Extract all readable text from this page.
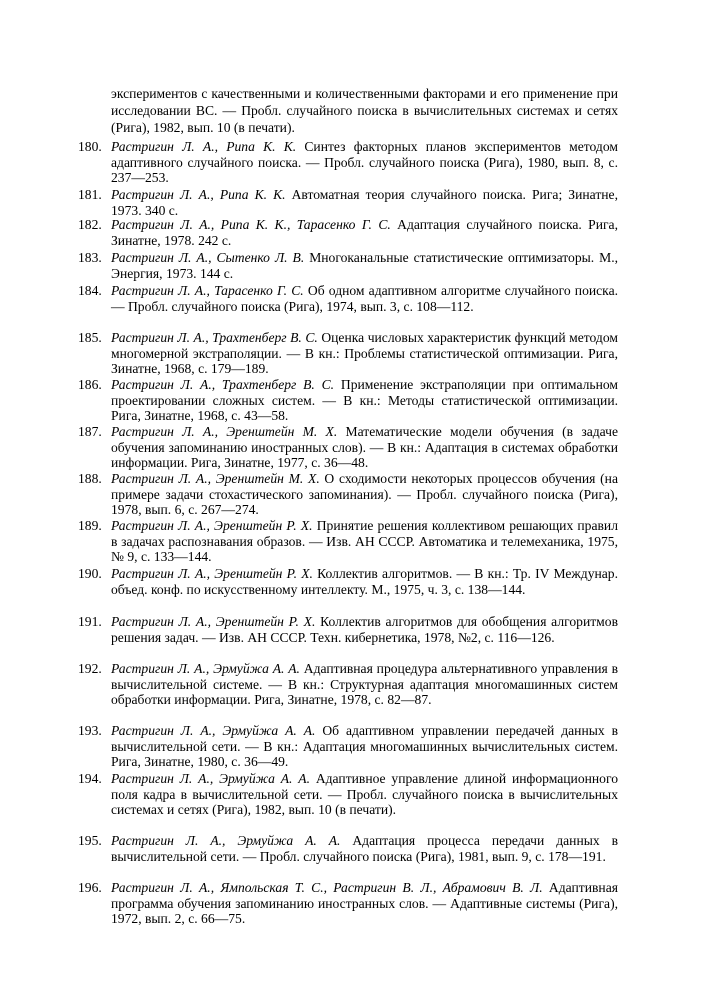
экспериментов с качественными и количественными факторами и его применение при исследовании ВС. — Пробл. случайного поиска в вычислительных системах и сетях (Рига), 1982, вып. 10 (в печати).
180. Растригин Л. А., Рипа К. К. Синтез факторных планов экспериментов методом адаптивного случайного поиска. — Пробл. случайного поиска (Рига), 1980, вып. 8, с. 237—253.
181. Растригин Л. А., Рипа К. К. Автоматная теория случайного поиска. Рига; Зинатне, 1973. 340 с.
182. Растригин Л. А., Рипа К. К., Тарасенко Г. С. Адаптация случайного поиска. Рига, Зинатне, 1978. 242 с.
183. Растригин Л. А., Сытенко Л. В. Многоканальные статистические оптимизаторы. М., Энергия, 1973. 144 с.
184. Растригин Л. А., Тарасенко Г. С. Об одном адаптивном алгоритме случайного поиска. — Пробл. случайного поиска (Рига), 1974, вып. 3, с. 108—112.
185. Растригин Л. А., Трахтенберг В. С. Оценка числовых характеристик функций методом многомерной экстраполяции. — В кн.: Проблемы статистической оптимизации. Рига, Зинатне, 1968, с. 179—189.
186. Растригин Л. А., Трахтенберг В. С. Применение экстраполяции при оптимальном проектировании сложных систем. — В кн.: Методы статистической оптимизации. Рига, Зинатне, 1968, с. 43—58.
187. Растригин Л. А., Эренштейн М. Х. Математические модели обучения (в задаче обучения запоминанию иностранных слов). — В кн.: Адаптация в системах обработки информации. Рига, Зинатне, 1977, с. 36—48.
188. Растригин Л. А., Эренштейн М. Х. О сходимости некоторых процессов обучения (на примере задачи стохастического запоминания). — Пробл. случайного поиска (Рига), 1978, вып. 6, с. 267—274.
189. Растригин Л. А., Эренштейн Р. Х. Принятие решения коллективом решающих правил в задачах распознавания образов. — Изв. АН СССР. Автоматика и телемеханика, 1975, № 9, с. 133—144.
190. Растригин Л. А., Эренштейн Р. Х. Коллектив алгоритмов. — В кн.: Тр. IV Междунар. объед. конф. по искусственному интеллекту. М., 1975, ч. 3, с. 138—144.
191. Растригин Л. А., Эренштейн Р. Х. Коллектив алгоритмов для обобщения алгоритмов решения задач. — Изв. АН СССР. Техн. кибернетика, 1978, №2, с. 116—126.
192. Растригин Л. А., Эрмуйжа А. А. Адаптивная процедура альтернативного управления в вычислительной системе. — В кн.: Структурная адаптация многомашинных систем обработки информации. Рига, Зинатне, 1978, с. 82—87.
193. Растригин Л. А., Эрмуйжа А. А. Об адаптивном управлении передачей данных в вычислительной сети. — В кн.: Адаптация многомашинных вычислительных систем. Рига, Зинатне, 1980, с. 36—49.
194. Растригин Л. А., Эрмуйжа А. А. Адаптивное управление длиной информационного поля кадра в вычислительной сети. — Пробл. случайного поиска в вычислительных системах и сетях (Рига), 1982, вып. 10 (в печати).
195. Растригин Л. А., Эрмуйжа А. А. Адаптация процесса передачи данных в вычислительной сети. — Пробл. случайного поиска (Рига), 1981, вып. 9, с. 178—191.
196. Растригин Л. А., Ямпольская Т. С., Растригин В. Л., Абрамович В. Л. Адаптивная программа обучения запоминанию иностранных слов. — Адаптивные системы (Рига), 1972, вып. 2, с. 66—75.
